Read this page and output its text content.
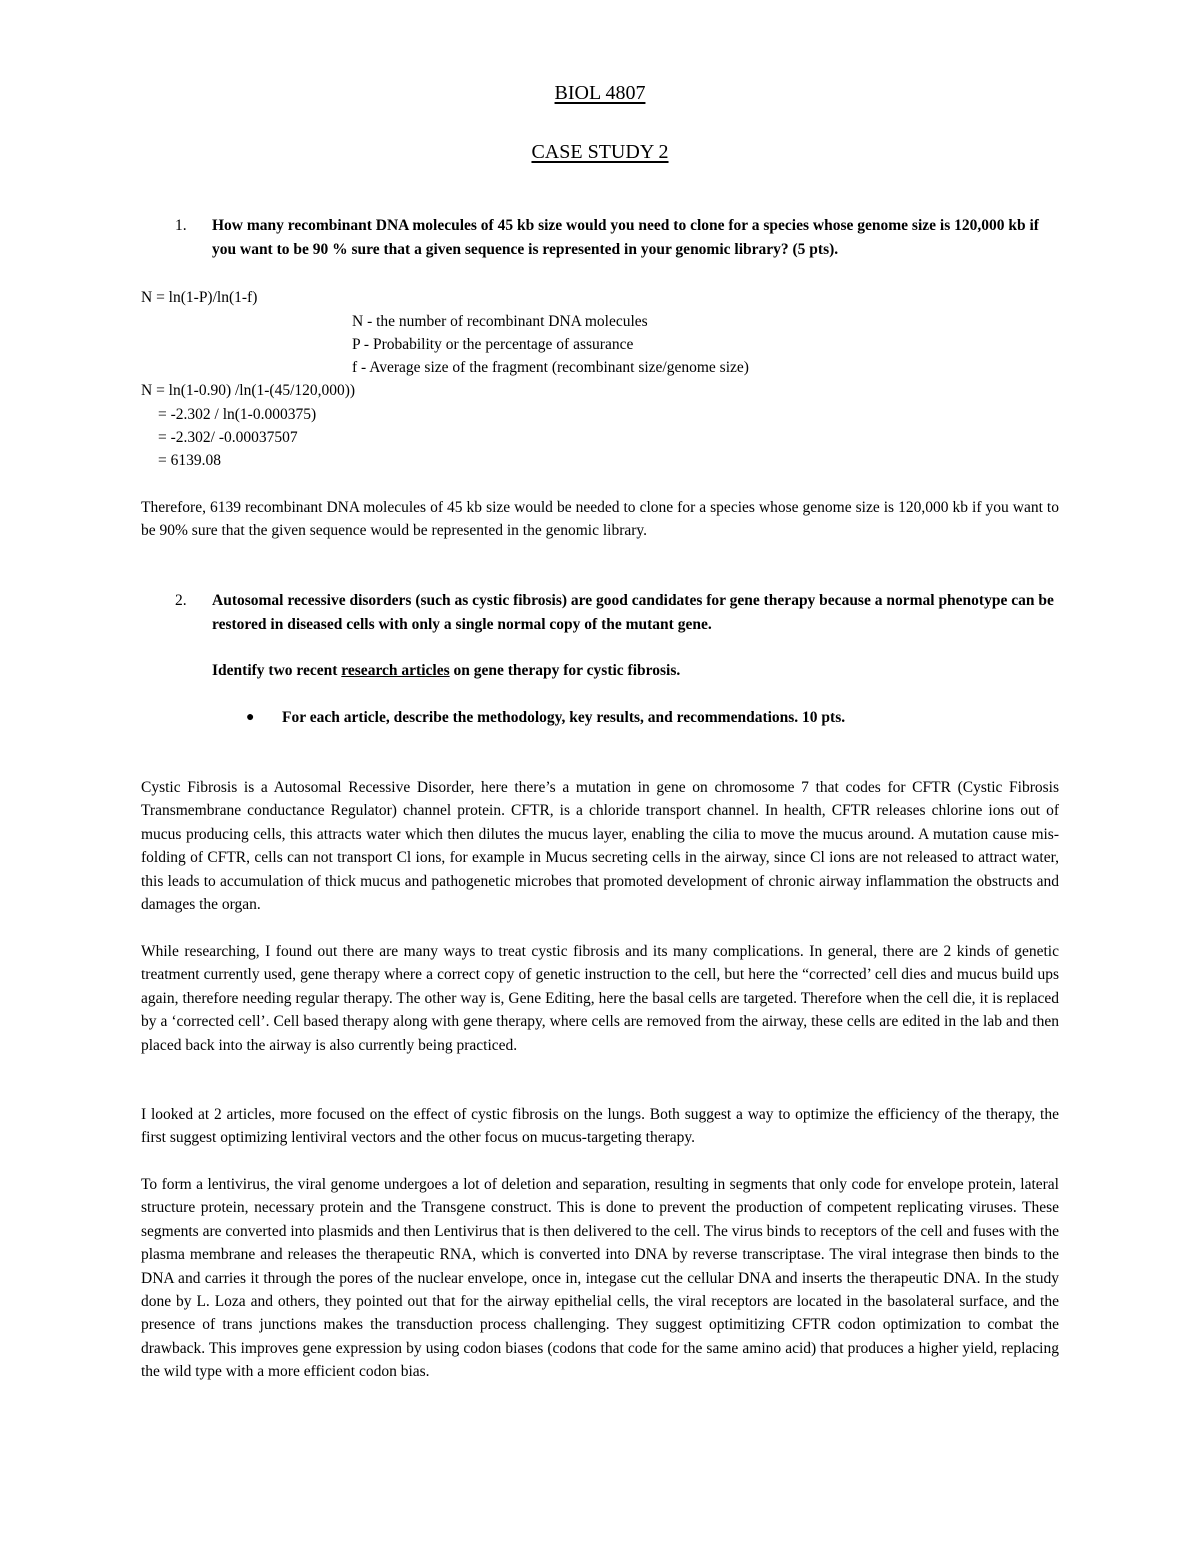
BIOL 4807
CASE STUDY 2
1. How many recombinant DNA molecules of 45 kb size would you need to clone for a species whose genome size is 120,000 kb if you want to be 90 % sure that a given sequence is represented in your genomic library? (5 pts).
N = ln(1-P)/ln(1-f)
N - the number of recombinant DNA molecules
P - Probability or the percentage of assurance
f - Average size of the fragment (recombinant size/genome size)
N = ln(1-0.90) /ln(1-(45/120,000))
= -2.302 / ln(1-0.000375)
= -2.302/ -0.00037507
= 6139.08
Therefore, 6139 recombinant DNA molecules of 45 kb size would be needed to clone for a species whose genome size is 120,000 kb if you want to be 90% sure that the given sequence would be represented in the genomic library.
2. Autosomal recessive disorders (such as cystic fibrosis) are good candidates for gene therapy because a normal phenotype can be restored in diseased cells with only a single normal copy of the mutant gene.
Identify two recent research articles on gene therapy for cystic fibrosis.
● For each article, describe the methodology, key results, and recommendations. 10 pts.
Cystic Fibrosis is a Autosomal Recessive Disorder, here there’s a mutation in gene on chromosome 7 that codes for CFTR (Cystic Fibrosis Transmembrane conductance Regulator) channel protein. CFTR, is a chloride transport channel. In health, CFTR releases chlorine ions out of mucus producing cells, this attracts water which then dilutes the mucus layer, enabling the cilia to move the mucus around. A mutation cause mis-folding of CFTR, cells can not transport Cl ions, for example in Mucus secreting cells in the airway, since Cl ions are not released to attract water, this leads to accumulation of thick mucus and pathogenetic microbes that promoted development of chronic airway inflammation the obstructs and damages the organ.
While researching, I found out there are many ways to treat cystic fibrosis and its many complications. In general, there are 2 kinds of genetic treatment currently used, gene therapy where a correct copy of genetic instruction to the cell, but here the “corrected’ cell dies and mucus build ups again, therefore needing regular therapy. The other way is, Gene Editing, here the basal cells are targeted. Therefore when the cell die, it is replaced by a ‘corrected cell’. Cell based therapy along with gene therapy, where cells are removed from the airway, these cells are edited in the lab and then placed back into the airway is also currently being practiced.
I looked at 2 articles, more focused on the effect of cystic fibrosis on the lungs. Both suggest a way to optimize the efficiency of the therapy, the first suggest optimizing lentiviral vectors and the other focus on mucus-targeting therapy.
To form a lentivirus, the viral genome undergoes a lot of deletion and separation, resulting in segments that only code for envelope protein, lateral structure protein, necessary protein and the Transgene construct. This is done to prevent the production of competent replicating viruses. These segments are converted into plasmids and then Lentivirus that is then delivered to the cell. The virus binds to receptors of the cell and fuses with the plasma membrane and releases the therapeutic RNA, which is converted into DNA by reverse transcriptase. The viral integrase then binds to the DNA and carries it through the pores of the nuclear envelope, once in, integase cut the cellular DNA and inserts the therapeutic DNA. In the study done by L. Loza and others, they pointed out that for the airway epithelial cells, the viral receptors are located in the basolateral surface, and the presence of trans junctions makes the transduction process challenging. They suggest optimitizing CFTR codon optimization to combat the drawback. This improves gene expression by using codon biases (codons that code for the same amino acid) that produces a higher yield, replacing the wild type with a more efficient codon bias.
